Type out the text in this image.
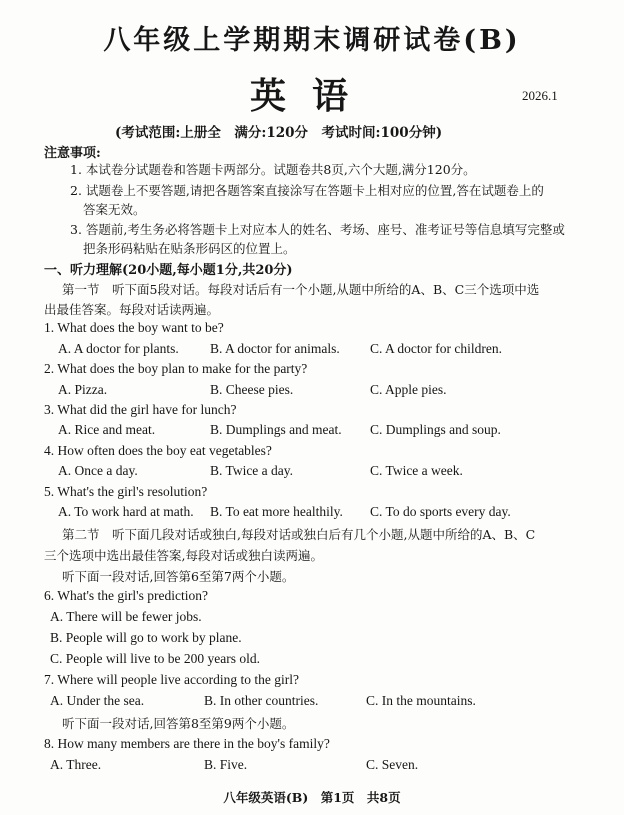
八年级上学期期末调研试卷(B)
英语	2026.1
(考试范围:上册全　满分:120分　考试时间:100分钟)
注意事项:
1. 本试卷分试题卷和答题卡两部分。试题卷共8页,六个大题,满分120分。
2. 试题卷上不要答题,请把各题答案直接涂写在答题卡上相对应的位置,答在试题卷上的
答案无效。
3. 答题前,考生务必将答题卡上对应本人的姓名、考场、座号、准考证号等信息填写完整或
把条形码粘贴在贴条形码区的位置上。
一、听力理解(20小题,每小题1分,共20分)
第一节　听下面5段对话。每段对话后有一个小题,从题中所给的A、B、C三个选项中选
出最佳答案。每段对话读两遍。
1. What does the boy want to be?
A. A doctor for plants. B. A doctor for animals. C. A doctor for children.
2. What does the boy plan to make for the party?
A. Pizza.	B. Cheese pies.	C. Apple pies.
3. What did the girl have for lunch?
A. Rice and meat.	B. Dumplings and meat. C. Dumplings and soup.
4. How often does the boy eat vegetables?
A. Once a day.	B. Twice a day.	C. Twice a week.
5. What's the girl's resolution?
A. To work hard at math. B. To eat more healthily. C. To do sports every day.
第二节　听下面几段对话或独白,每段对话或独白后有几个小题,从题中所给的A、B、C
三个选项中选出最佳答案,每段对话或独白读两遍。
听下面一段对话,回答第6至第7两个小题。
6. What's the girl's prediction?
A. There will be fewer jobs.
B. People will go to work by plane.
C. People will live to be 200 years old.
7. Where will people live according to the girl?
A. Under the sea.	B. In other countries.	C. In the mountains.
听下面一段对话,回答第8至第9两个小题。
8. How many members are there in the boy's family?
A. Three.	B. Five.	C. Seven.
八年级英语(B)　第1页　共8页
